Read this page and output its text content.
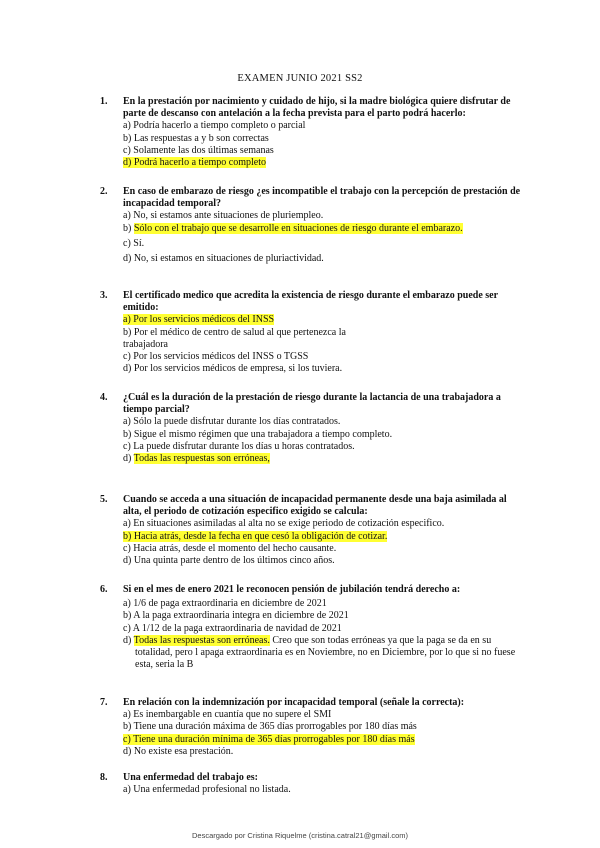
EXAMEN JUNIO 2021 SS2
1. En la prestación por nacimiento y cuidado de hijo, si la madre biológica quiere disfrutar de parte de descanso con antelación a la fecha prevista para el parto podrá hacerlo:
a) Podría hacerlo a tiempo completo o parcial
b) Las respuestas a y b son correctas
c) Solamente las dos últimas semanas
d) Podrá hacerlo a tiempo completo
2. En caso de embarazo de riesgo ¿es incompatible el trabajo con la percepción de prestación de incapacidad temporal?
a) No, si estamos ante situaciones de pluriempleo.
b) Sólo con el trabajo que se desarrolle en situaciones de riesgo durante el embarazo.
c) Sí.
d) No, si estamos en situaciones de pluriactividad.
3. El certificado medico que acredita la existencia de riesgo durante el embarazo puede ser emitido:
a) Por los servicios médicos del INSS
b) Por el médico de centro de salud al que pertenezca la
trabajadora
c) Por los servicios médicos del INSS o TGSS
d) Por los servicios médicos de empresa, si los tuviera.
4. ¿Cuál es la duración de la prestación de riesgo durante la lactancia de una trabajadora a tiempo parcial?
a) Sólo la puede disfrutar durante los días contratados.
b) Sigue el mismo régimen que una trabajadora a tiempo completo.
c) La puede disfrutar durante los días u horas contratados.
d) Todas las respuestas son erróneas,
5. Cuando se acceda a una situación de incapacidad permanente desde una baja asimilada al alta, el periodo de cotización especifico exigido se calcula:
a) En situaciones asimiladas al alta no se exige periodo de cotización especifico.
b) Hacia atrás, desde la fecha en que cesó la obligación de cotizar.
c) Hacia atrás, desde el momento del hecho causante.
d) Una quinta parte dentro de los últimos cinco años.
6. Si en el mes de enero 2021 le reconocen pensión de jubilación tendrá derecho a:
a) 1/6 de paga extraordinaria en diciembre de 2021
b) A la paga extraordinaria integra en diciembre de 2021
c) A 1/12 de la paga extraordinaria de navidad de 2021
d) Todas las respuestas son erróneas. Creo que son todas erróneas ya que la paga se da en su totalidad, pero l apaga extraordinaria es en Noviembre, no en Diciembre, por lo que si no fuese esta, seria la B
7. En relación con la indemnización por incapacidad temporal (señale la correcta):
a) Es inembargable en cuantía que no supere el SMI
b) Tiene una duración máxima de 365 días prorrogables por 180 días más
c) Tiene una duración mínima de 365 días prorrogables por 180 días más
d) No existe esa prestación.
8. Una enfermedad del trabajo es:
a) Una enfermedad profesional no listada.
Descargado por Cristina Riquelme (cristina.catral21@gmail.com)
